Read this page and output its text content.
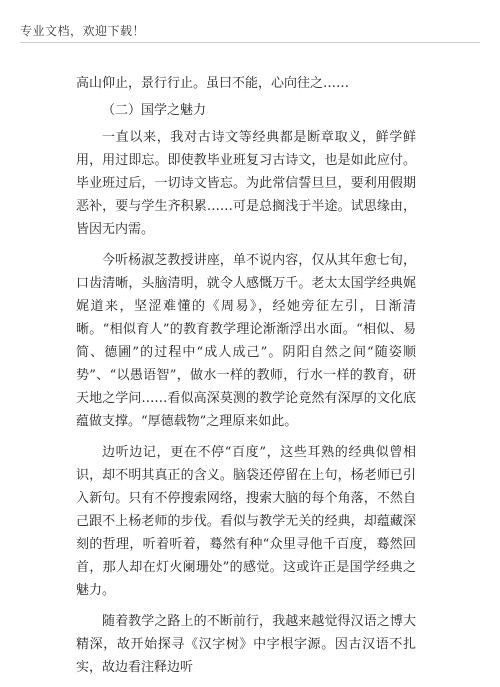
专业文档，欢迎下载！

高山仰止，景行行止。虽曰不能，心向往之……

（二）国学之魅力

一直以来，我对古诗文等经典都是断章取义，鲜学鲜用，用过即忘。即使教毕业班复习古诗文，也是如此应付。毕业班过后，一切诗文皆忘。为此常信誓旦旦，要利用假期恶补，要与学生齐积累……可是总搁浅于半途。试思缘由，皆因无内需。

今听杨淑芝教授讲座，单不说内容，仅从其年愈七旬，口齿清晰，头脑清明，就令人感慨万千。老太太国学经典娓娓道来，坚涩难懂的《周易》，经她旁征左引，日渐清晰。“相似育人”的教育教学理论渐渐浮出水面。“相似、易简、德圃”的过程中“成人成己”。阴阳自然之间“随姿顺势”、“以愚语智”，做水一样的教师，行水一样的教育，研天地之学问……看似高深莫测的教学论竟然有深厚的文化底蕴做支撑。“厚德载物”之理原来如此。

边听边记，更在不停“百度”，这些耳熟的经典似曾相识，却不明其真正的含义。脑袋还停留在上句，杨老师已引入新句。只有不停搜索网络，搜索大脑的每个角落，不然自己跟不上杨老师的步伐。看似与教学无关的经典，却蕴藏深刻的哲理，听着听着，蓦然有种“众里寻他千百度，蓦然回首，那人却在灯火阑珊处”的感觉。这或许正是国学经典之魅力。

随着教学之路上的不断前行，我越来越觉得汉语之博大精深，故开始探寻《汉字树》中字根字源。因古汉语不扎实，故边看注释边听
